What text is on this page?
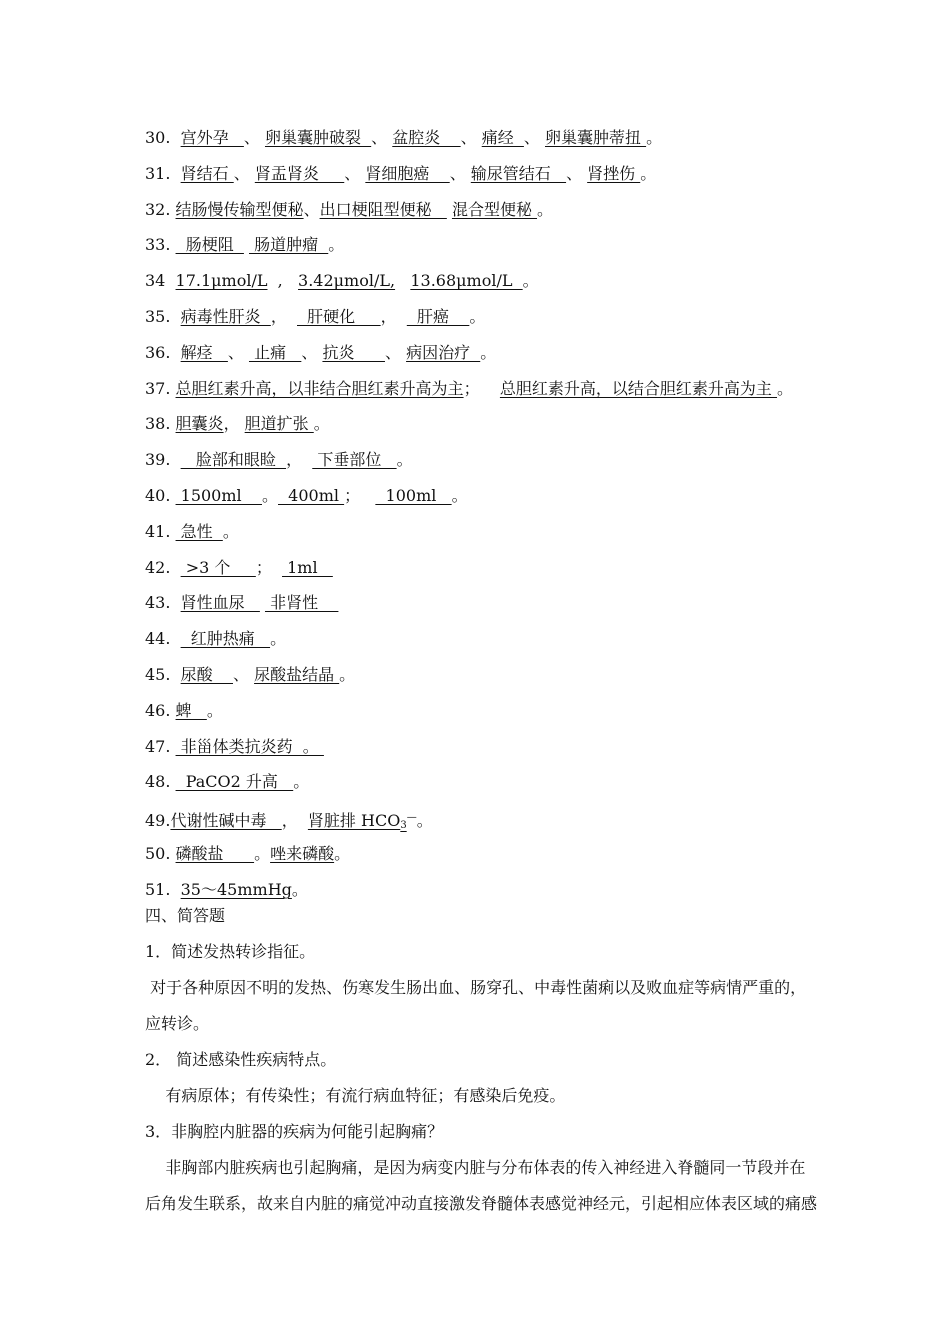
30. 宫外孕   、 卵巢囊肿破裂  、 盆腔炎    、 痛经  、 卵巢囊肿蒂扭 。
31. 肾结石 、 肾盂肾炎     、 肾细胞癌    、 输尿管结石   、 肾挫伤 。
32. 结肠慢传输型便秘、出口梗阻型便秘    混合型便秘 。
33.   肠梗阻    肠道肿瘤  。
34 17.1μmol/L  ,   3.42μmol/L, 13.68μmol/L  。
35. 病毒性肝炎  ，    肝硬化     ，    肝癌    。
36. 解痉   、  止痛   、 抗炎      、 病因治疗  。
37. 总胆红素升高，以非结合胆红素升高为主；    总胆红素升高，以结合胆红素升高为主 。
38. 胆囊炎， 胆道扩张 。
39.     脸部和眼睑  ，   下垂部位   。
40.  1500ml    。  400ml ；     100ml   。
41.  急性  。
42.   >3 个     ；   1ml
43. 肾性血尿     非肾性
44.    红肿热痛   。
45. 尿酸    、 尿酸盐结晶 。
46. 蜱   。
47.  非甾体类抗炎药  。
48.   PaCO2 升高   。
49.代谢性碱中毒   ，  肾脏排 $HCO_3^—$。
50. 磷酸盐      。唑来磷酸。
51. 35～45mmHg。
四、简答题
1．简述发热转诊指征。
对于各种原因不明的发热、伤寒发生肠出血、肠穿孔、中毒性菌痢以及败血症等病情严重的，
应转诊。
2． 简述感染性疾病特点。
有病原体；有传染性；有流行病血特征；有感染后免疫。
3．非胸腔内脏器的疾病为何能引起胸痛？
非胸部内脏疾病也引起胸痛，是因为病变内脏与分布体表的传入神经进入脊髓同一节段并在
后角发生联系，故来自内脏的痛觉冲动直接激发脊髓体表感觉神经元，引起相应体表区域的痛感
